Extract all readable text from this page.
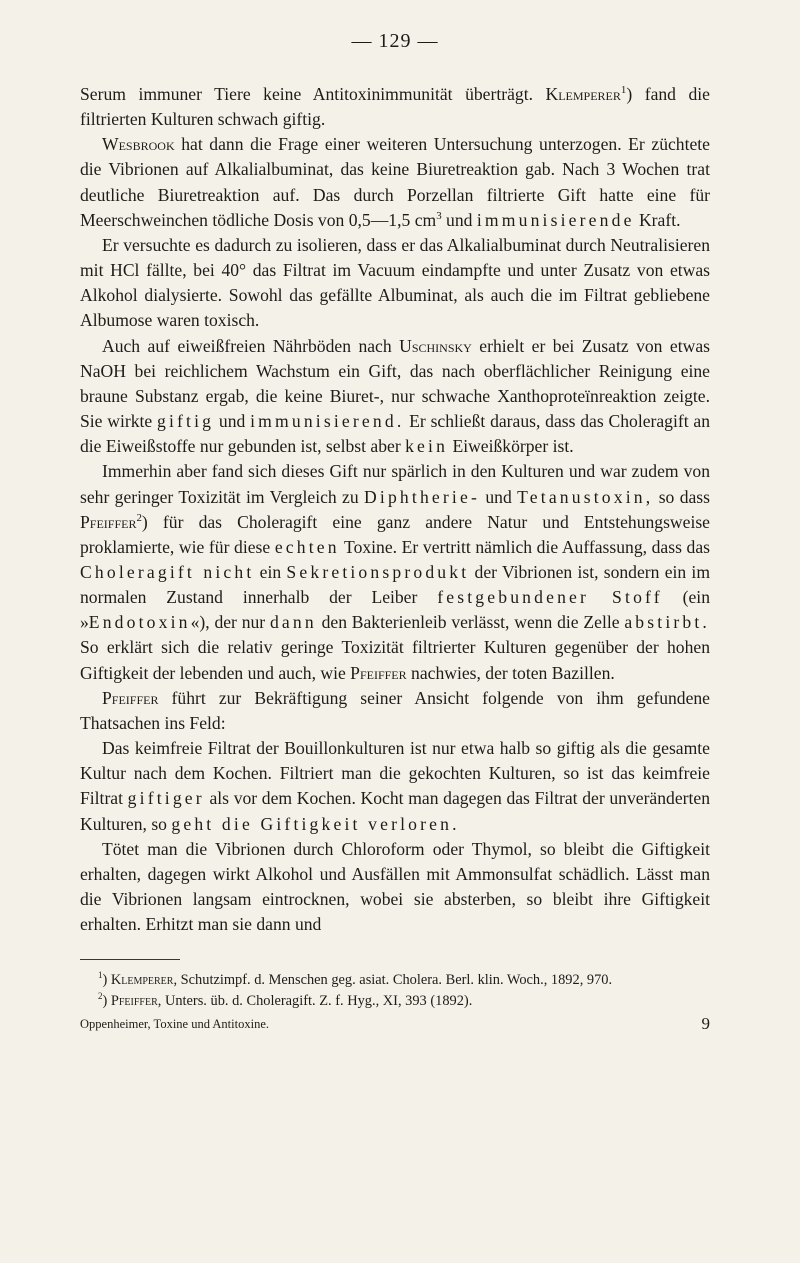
— 129 —

Serum immuner Tiere keine Antitoxinimmunität überträgt. Klemperer$^1$) fand die filtrierten Kulturen schwach giftig.

Wesbrook hat dann die Frage einer weiteren Untersuchung unterzogen. Er züchtete die Vibrionen auf Alkalialbuminat, das keine Biuretreaktion gab. Nach 3 Wochen trat deutliche Biuretreaktion auf. Das durch Porzellan filtrierte Gift hatte eine für Meerschweinchen tödliche Dosis von 0,5—1,5 $cm^3$ und immunisierende Kraft.

Er versuchte es dadurch zu isolieren, dass er das Alkalialbuminat durch Neutralisieren mit HCl fällte, bei 40° das Filtrat im Vacuum eindampfte und unter Zusatz von etwas Alkohol dialysierte. Sowohl das gefällte Albuminat, als auch die im Filtrat gebliebene Albumose waren toxisch.

Auch auf eiweißfreien Nährböden nach Uschinsky erhielt er bei Zusatz von etwas NaOH bei reichlichem Wachstum ein Gift, das nach oberflächlicher Reinigung eine braune Substanz ergab, die keine Biuret-, nur schwache Xanthoproteïnreaktion zeigte. Sie wirkte giftig und immunisierend. Er schließt daraus, dass das Choleragift an die Eiweißstoffe nur gebunden ist, selbst aber kein Eiweißkörper ist.

Immerhin aber fand sich dieses Gift nur spärlich in den Kulturen und war zudem von sehr geringer Toxizität im Vergleich zu Diphtherie- und Tetanustoxin, so dass Pfeiffer$^2$) für das Choleragift eine ganz andere Natur und Entstehungsweise proklamierte, wie für diese echten Toxine. Er vertritt nämlich die Auffassung, dass das Choleragift nicht ein Sekretionsprodukt der Vibrionen ist, sondern ein im normalen Zustand innerhalb der Leiber festgebundener Stoff (ein »Endotoxin«), der nur dann den Bakterienleib verlässt, wenn die Zelle abstirbt. So erklärt sich die relativ geringe Toxizität filtrierter Kulturen gegenüber der hohen Giftigkeit der lebenden und auch, wie Pfeiffer nachwies, der toten Bazillen.

Pfeiffer führt zur Bekräftigung seiner Ansicht folgende von ihm gefundene Thatsachen ins Feld:

Das keimfreie Filtrat der Bouillonkulturen ist nur etwa halb so giftig als die gesamte Kultur nach dem Kochen. Filtriert man die gekochten Kulturen, so ist das keimfreie Filtrat giftiger als vor dem Kochen. Kocht man dagegen das Filtrat der unveränderten Kulturen, so geht die Giftigkeit verloren.

Tötet man die Vibrionen durch Chloroform oder Thymol, so bleibt die Giftigkeit erhalten, dagegen wirkt Alkohol und Ausfällen mit Ammonsulfat schädlich. Lässt man die Vibrionen langsam eintrocknen, wobei sie absterben, so bleibt ihre Giftigkeit erhalten. Erhitzt man sie dann und

$^1$) Klemperer, Schutzimpf. d. Menschen geg. asiat. Cholera. Berl. klin. Woch., 1892, 970.

$^2$) Pfeiffer, Unters. üb. d. Choleragift. Z. f. Hyg., XI, 393 (1892).

Oppenheimer, Toxine und Antitoxine.	9
